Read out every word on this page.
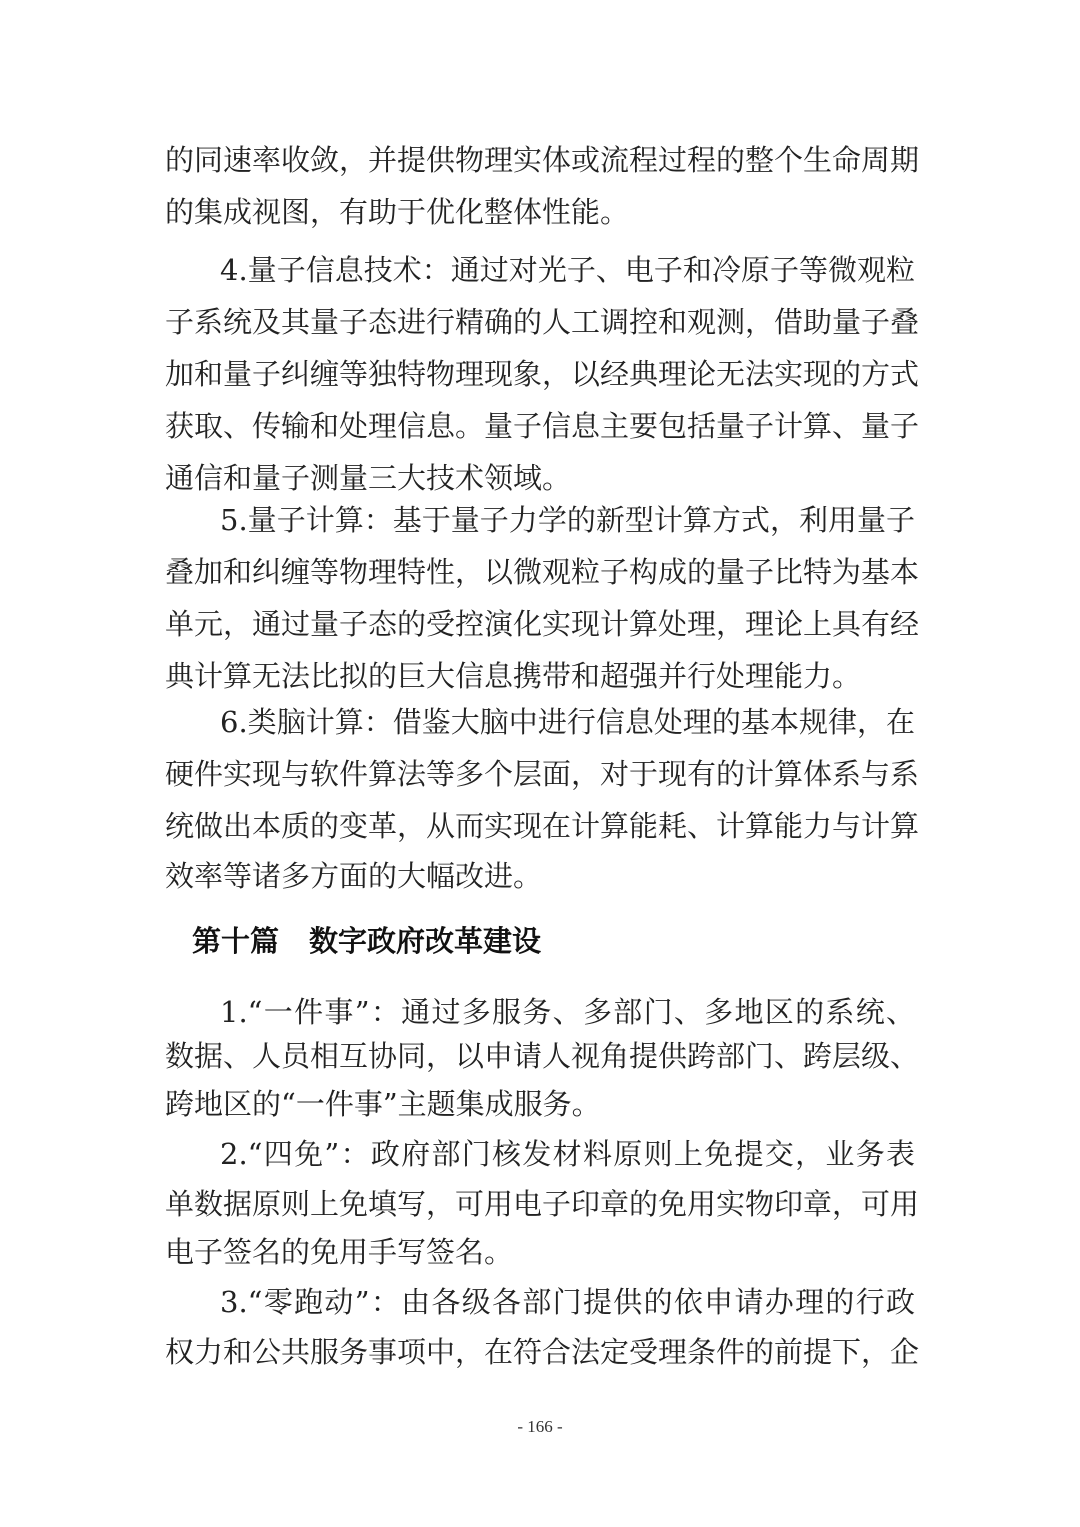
的同速率收敛，并提供物理实体或流程过程的整个生命周期
的集成视图，有助于优化整体性能。
4.量子信息技术：通过对光子、电子和冷原子等微观粒
子系统及其量子态进行精确的人工调控和观测，借助量子叠
加和量子纠缠等独特物理现象，以经典理论无法实现的方式
获取、传输和处理信息。量子信息主要包括量子计算、量子
通信和量子测量三大技术领域。
5.量子计算：基于量子力学的新型计算方式，利用量子
叠加和纠缠等物理特性，以微观粒子构成的量子比特为基本
单元，通过量子态的受控演化实现计算处理，理论上具有经
典计算无法比拟的巨大信息携带和超强并行处理能力。
6.类脑计算：借鉴大脑中进行信息处理的基本规律，在
硬件实现与软件算法等多个层面，对于现有的计算体系与系
统做出本质的变革，从而实现在计算能耗、计算能力与计算
效率等诸多方面的大幅改进。
第十篇 数字政府改革建设
1.“一件事”：通过多服务、多部门、多地区的系统、
数据、人员相互协同，以申请人视角提供跨部门、跨层级、
跨地区的“一件事”主题集成服务。
2.“四免”：政府部门核发材料原则上免提交，业务表
单数据原则上免填写，可用电子印章的免用实物印章，可用
电子签名的免用手写签名。
3.“零跑动”：由各级各部门提供的依申请办理的行政
权力和公共服务事项中，在符合法定受理条件的前提下，企
- 166 -
